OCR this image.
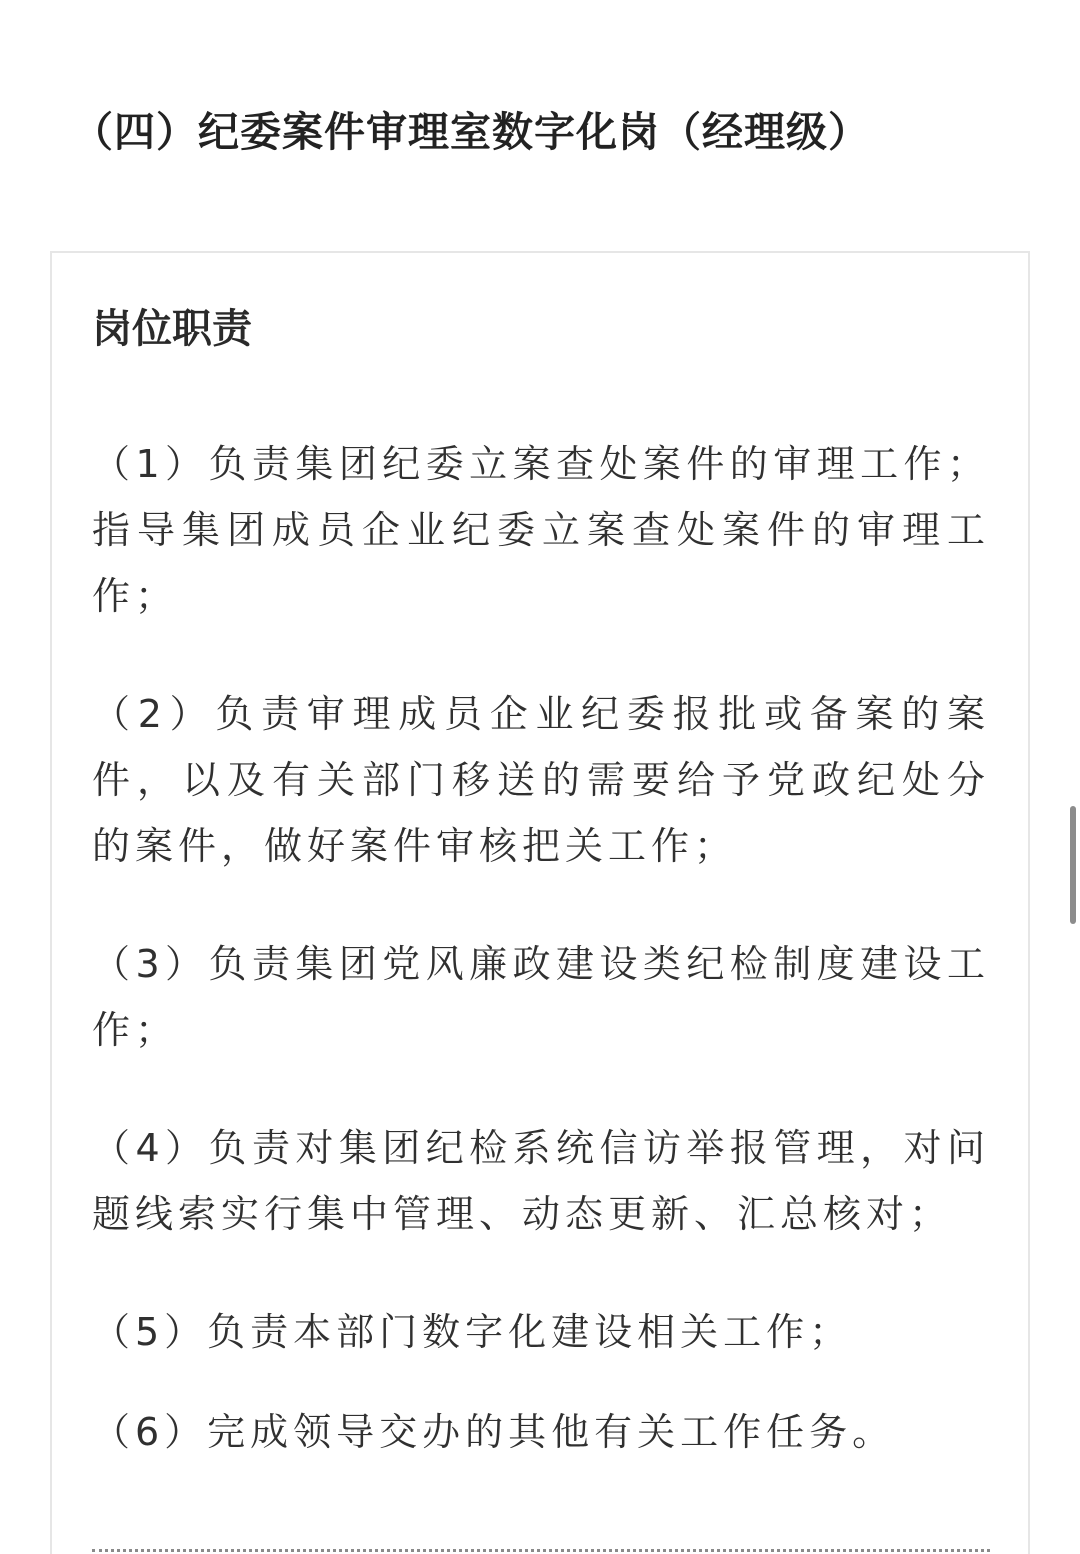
（四）纪委案件审理室数字化岗（经理级）
岗位职责
（1）负责集团纪委立案查处案件的审理工作；指导集团成员企业纪委立案查处案件的审理工作；
（2）负责审理成员企业纪委报批或备案的案件，以及有关部门移送的需要给予党政纪处分的案件，做好案件审核把关工作；
（3）负责集团党风廉政建设类纪检制度建设工作；
（4）负责对集团纪检系统信访举报管理，对问题线索实行集中管理、动态更新、汇总核对；
（5）负责本部门数字化建设相关工作；
（6）完成领导交办的其他有关工作任务。
